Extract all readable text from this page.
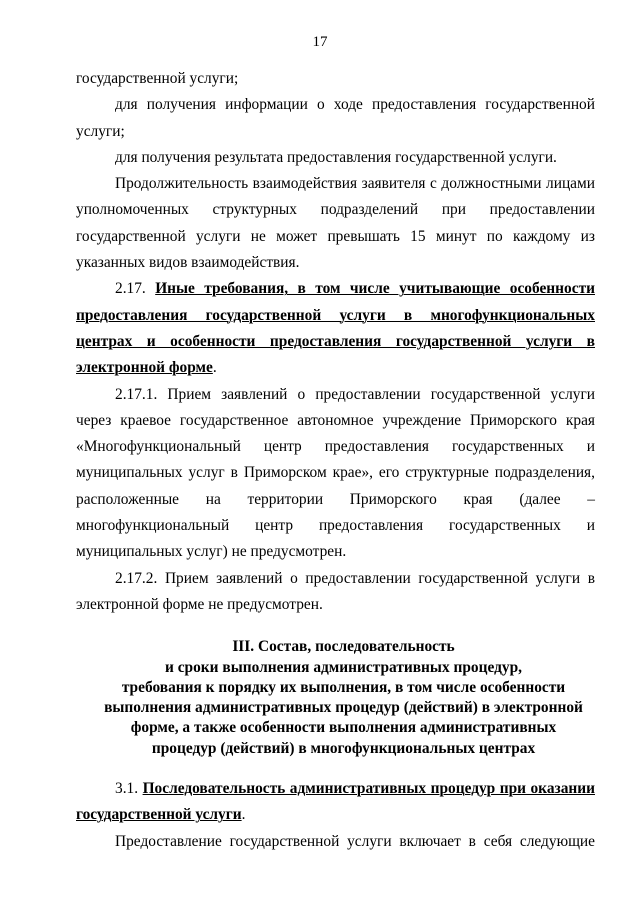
17

государственной услуги;

для получения информации о ходе предоставления государственной услуги;

для получения результата предоставления государственной услуги.

Продолжительность взаимодействия заявителя с должностными лицами уполномоченных структурных подразделений при предоставлении государственной услуги не может превышать 15 минут по каждому из указанных видов взаимодействия.

2.17. Иные требования, в том числе учитывающие особенности предоставления государственной услуги в многофункциональных центрах и особенности предоставления государственной услуги в электронной форме.

2.17.1. Прием заявлений о предоставлении государственной услуги через краевое государственное автономное учреждение Приморского края «Многофункциональный центр предоставления государственных и муниципальных услуг в Приморском крае», его структурные подразделения, расположенные на территории Приморского края (далее – многофункциональный центр предоставления государственных и муниципальных услуг) не предусмотрен.

2.17.2. Прием заявлений о предоставлении государственной услуги в электронной форме не предусмотрен.

III. Состав, последовательность

и сроки выполнения административных процедур,

требования к порядку их выполнения, в том числе особенности

выполнения административных процедур (действий) в электронной

форме, а также особенности выполнения административных

процедур (действий) в многофункциональных центрах

3.1. Последовательность административных процедур при оказании государственной услуги.

Предоставление государственной услуги включает в себя следующие
